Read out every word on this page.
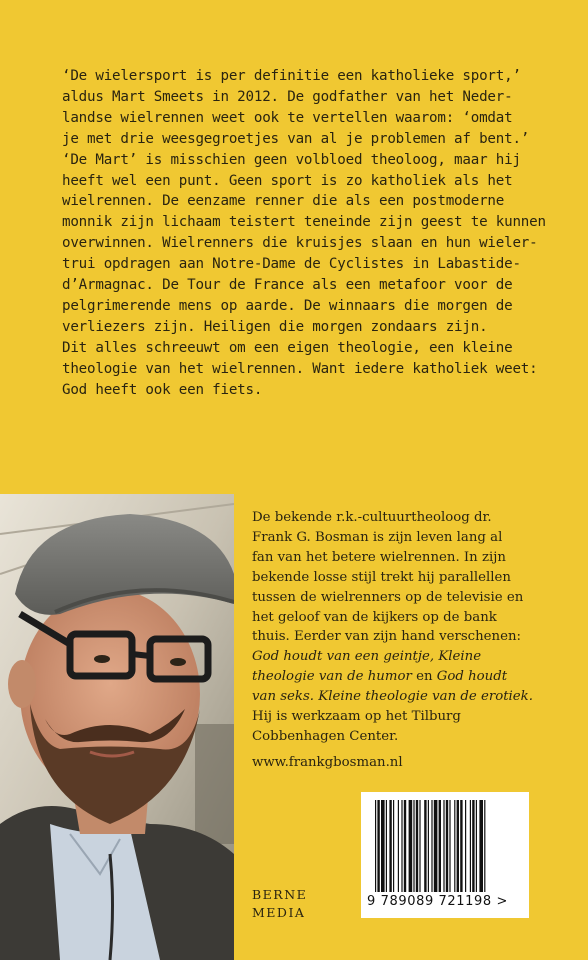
‘De wielersport is per definitie een katholieke sport,’
aldus Mart Smeets in 2012. De godfather van het Neder-
landse wielrennen weet ook te vertellen waarom: ‘omdat
je met drie weesgegroetjes van al je problemen af bent.’
‘De Mart’ is misschien geen volbloed theoloog, maar hij
heeft wel een punt. Geen sport is zo katholiek als het
wielrennen. De eenzame renner die als een postmoderne
monnik zijn lichaam teistert teneinde zijn geest te kunnen
overwinnen. Wielrenners die kruisjes slaan en hun wieler-
trui opdragen aan Notre-Dame de Cyclistes in Labastide-
d’Armagnac. De Tour de France als een metafoor voor de
pelgrimerende mens op aarde. De winnaars die morgen de
verliezers zijn. Heiligen die morgen zondaars zijn.
Dit alles schreeuwt om een eigen theologie, een kleine
theologie van het wielrennen. Want iedere katholiek weet:
God heeft ook een fiets.
De bekende r.k.-cultuurtheoloog dr.
Frank G. Bosman is zijn leven lang al
fan van het betere wielrennen. In zijn
bekende losse stijl trekt hij parallellen
tussen de wielrenners op de televisie en
het geloof van de kijkers op de bank
thuis. Eerder van zijn hand verschenen:
God houdt van een geintje, Kleine
theologie van de humor en God houdt
van seks. Kleine theologie van de erotiek.
Hij is werkzaam op het Tilburg
Cobbenhagen Center.
www.frankgbosman.nl
BERNE
MEDIA
9 789089 721198 >
